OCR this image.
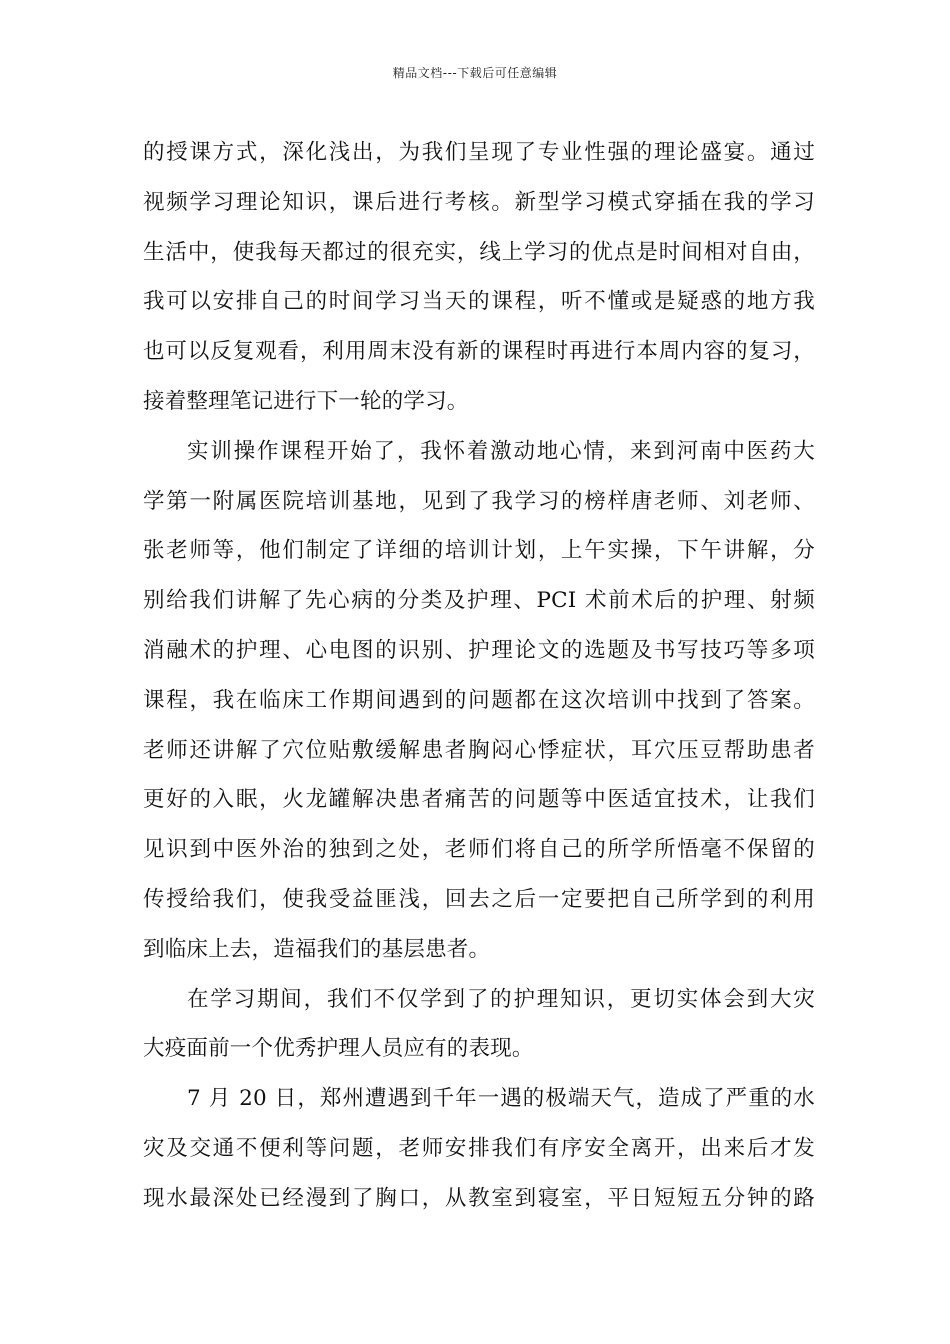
精品文档---下载后可任意编辑
的授课方式，深化浅出，为我们呈现了专业性强的理论盛宴。通过
视频学习理论知识，课后进行考核。新型学习模式穿插在我的学习
生活中，使我每天都过的很充实，线上学习的优点是时间相对自由，
我可以安排自己的时间学习当天的课程，听不懂或是疑惑的地方我
也可以反复观看，利用周末没有新的课程时再进行本周内容的复习，
接着整理笔记进行下一轮的学习。
实训操作课程开始了，我怀着激动地心情，来到河南中医药大
学第一附属医院培训基地，见到了我学习的榜样唐老师、刘老师、
张老师等，他们制定了详细的培训计划，上午实操，下午讲解，分
别给我们讲解了先心病的分类及护理、PCI 术前术后的护理、射频
消融术的护理、心电图的识别、护理论文的选题及书写技巧等多项
课程，我在临床工作期间遇到的问题都在这次培训中找到了答案。
老师还讲解了穴位贴敷缓解患者胸闷心悸症状，耳穴压豆帮助患者
更好的入眠，火龙罐解决患者痛苦的问题等中医适宜技术，让我们
见识到中医外治的独到之处，老师们将自己的所学所悟毫不保留的
传授给我们，使我受益匪浅，回去之后一定要把自己所学到的利用
到临床上去，造福我们的基层患者。
在学习期间，我们不仅学到了的护理知识，更切实体会到大灾
大疫面前一个优秀护理人员应有的表现。
7 月 20 日，郑州遭遇到千年一遇的极端天气，造成了严重的水
灾及交通不便利等问题，老师安排我们有序安全离开，出来后才发
现水最深处已经漫到了胸口，从教室到寝室，平日短短五分钟的路
